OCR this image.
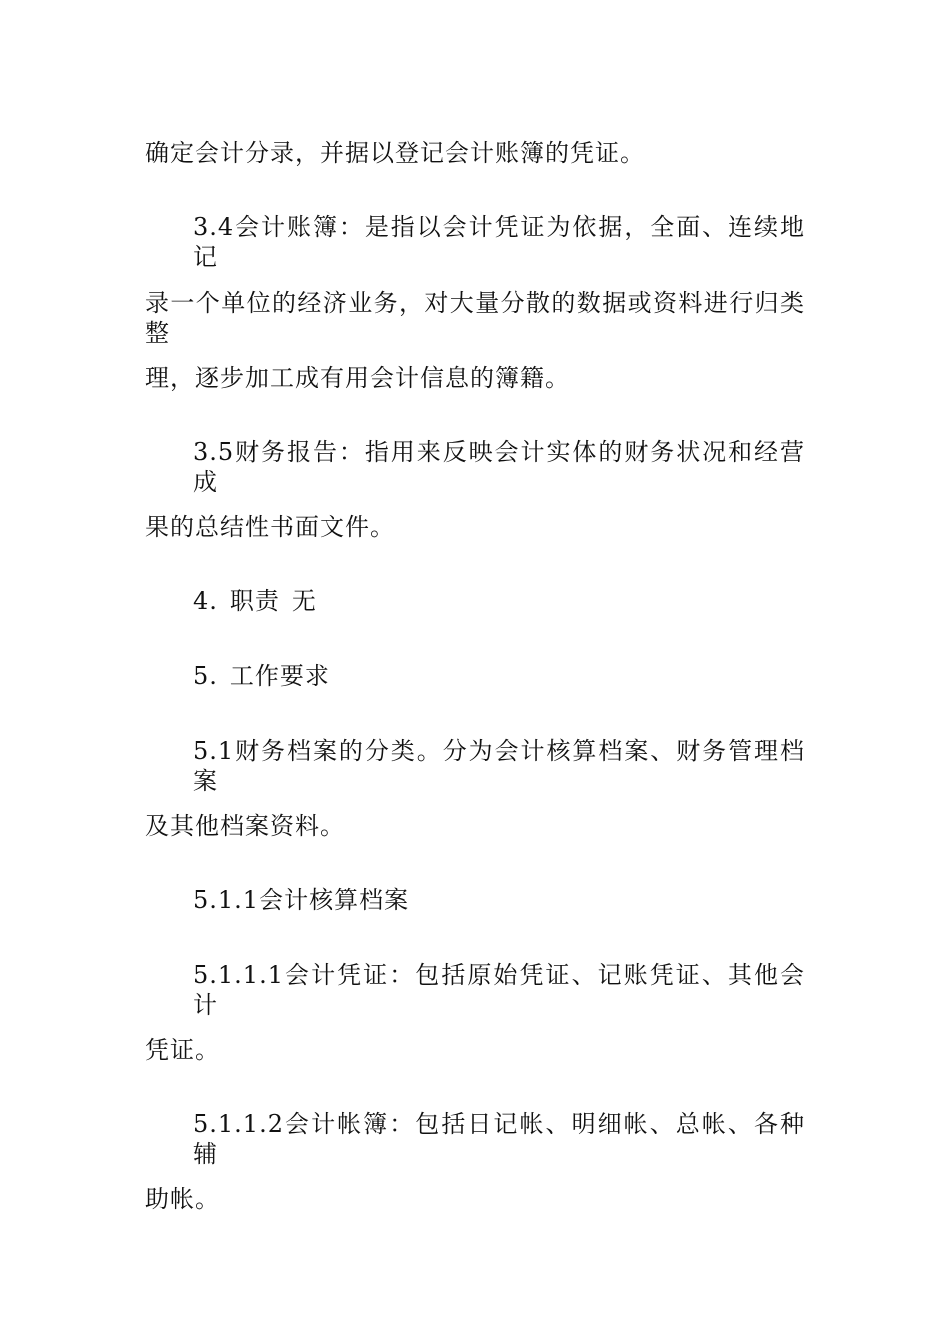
确定会计分录，并据以登记会计账簿的凭证。
3.4会计账簿：是指以会计凭证为依据，全面、连续地记
录一个单位的经济业务，对大量分散的数据或资料进行归类整
理，逐步加工成有用会计信息的簿籍。
3.5财务报告：指用来反映会计实体的财务状况和经营成
果的总结性书面文件。
4. 职责 无
5. 工作要求
5.1财务档案的分类。分为会计核算档案、财务管理档案
及其他档案资料。
5.1.1会计核算档案
5.1.1.1会计凭证：包括原始凭证、记账凭证、其他会计
凭证。
5.1.1.2会计帐簿：包括日记帐、明细帐、总帐、各种辅
助帐。
